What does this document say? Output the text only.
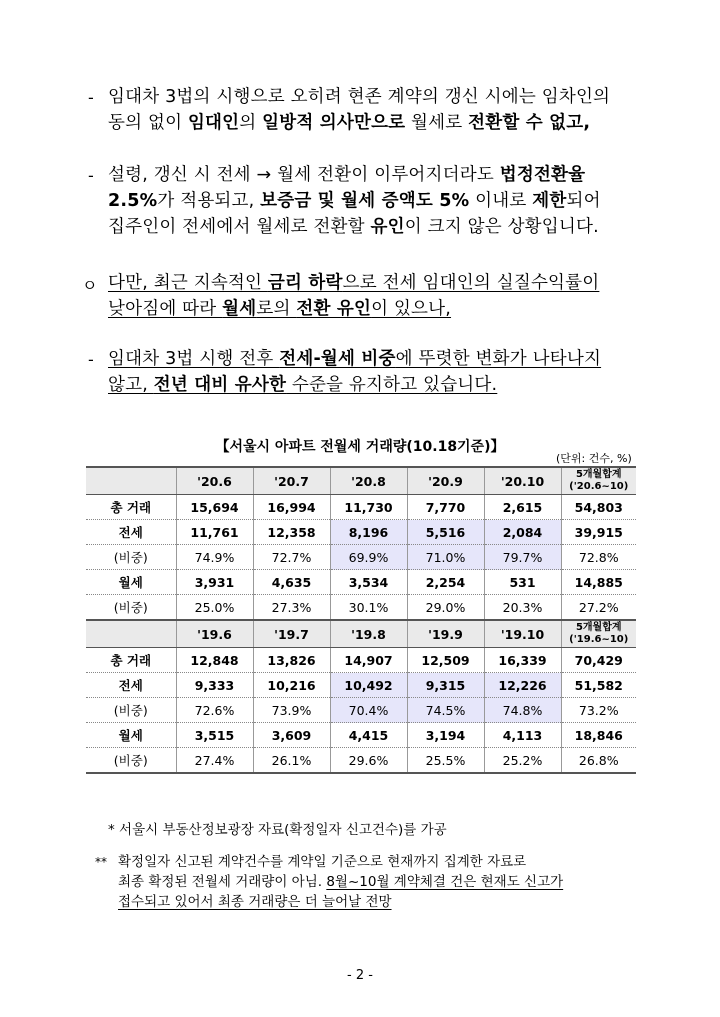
- 임대차 3법의 시행으로 오히려 현존 계약의 갱신 시에는 임차인의
동의 없이 임대인의 일방적 의사만으로 월세로 전환할 수 없고,
- 설령, 갱신 시 전세 → 월세 전환이 이루어지더라도 법정전환율
2.5%가 적용되고, 보증금 및 월세 증액도 5% 이내로 제한되어
집주인이 전세에서 월세로 전환할 유인이 크지 않은 상황입니다.
ㅇ 다만, 최근 지속적인 금리 하락으로 전세 임대인의 실질수익률이
낮아짐에 따라 월세로의 전환 유인이 있으나,
- 임대차 3법 시행 전후 전세-월세 비중에 뚜렷한 변화가 나타나지
않고, 전년 대비 유사한 수준을 유지하고 있습니다.
【서울시 아파트 전월세 거래량(10.18기준)】
(단위: 건수, %)
	'20.6	'20.7	'20.8	'20.9	'20.10	5개월합계('20.6~10)
총 거래	15,694	16,994	11,730	7,770	2,615	54,803
전세	11,761	12,358	8,196	5,516	2,084	39,915
(비중)	74.9%	72.7%	69.9%	71.0%	79.7%	72.8%
월세	3,931	4,635	3,534	2,254	531	14,885
(비중)	25.0%	27.3%	30.1%	29.0%	20.3%	27.2%
	'19.6	'19.7	'19.8	'19.9	'19.10	5개월합계('19.6~10)
총 거래	12,848	13,826	14,907	12,509	16,339	70,429
전세	9,333	10,216	10,492	9,315	12,226	51,582
(비중)	72.6%	73.9%	70.4%	74.5%	74.8%	73.2%
월세	3,515	3,609	4,415	3,194	4,113	18,846
(비중)	27.4%	26.1%	29.6%	25.5%	25.2%	26.8%
* 서울시 부동산정보광장 자료(확정일자 신고건수)를 가공
** 확정일자 신고된 계약건수를 계약일 기준으로 현재까지 집계한 자료로
최종 확정된 전월세 거래량이 아님. 8월~10월 계약체결 건은 현재도 신고가
접수되고 있어서 최종 거래량은 더 늘어날 전망
- 2 -
